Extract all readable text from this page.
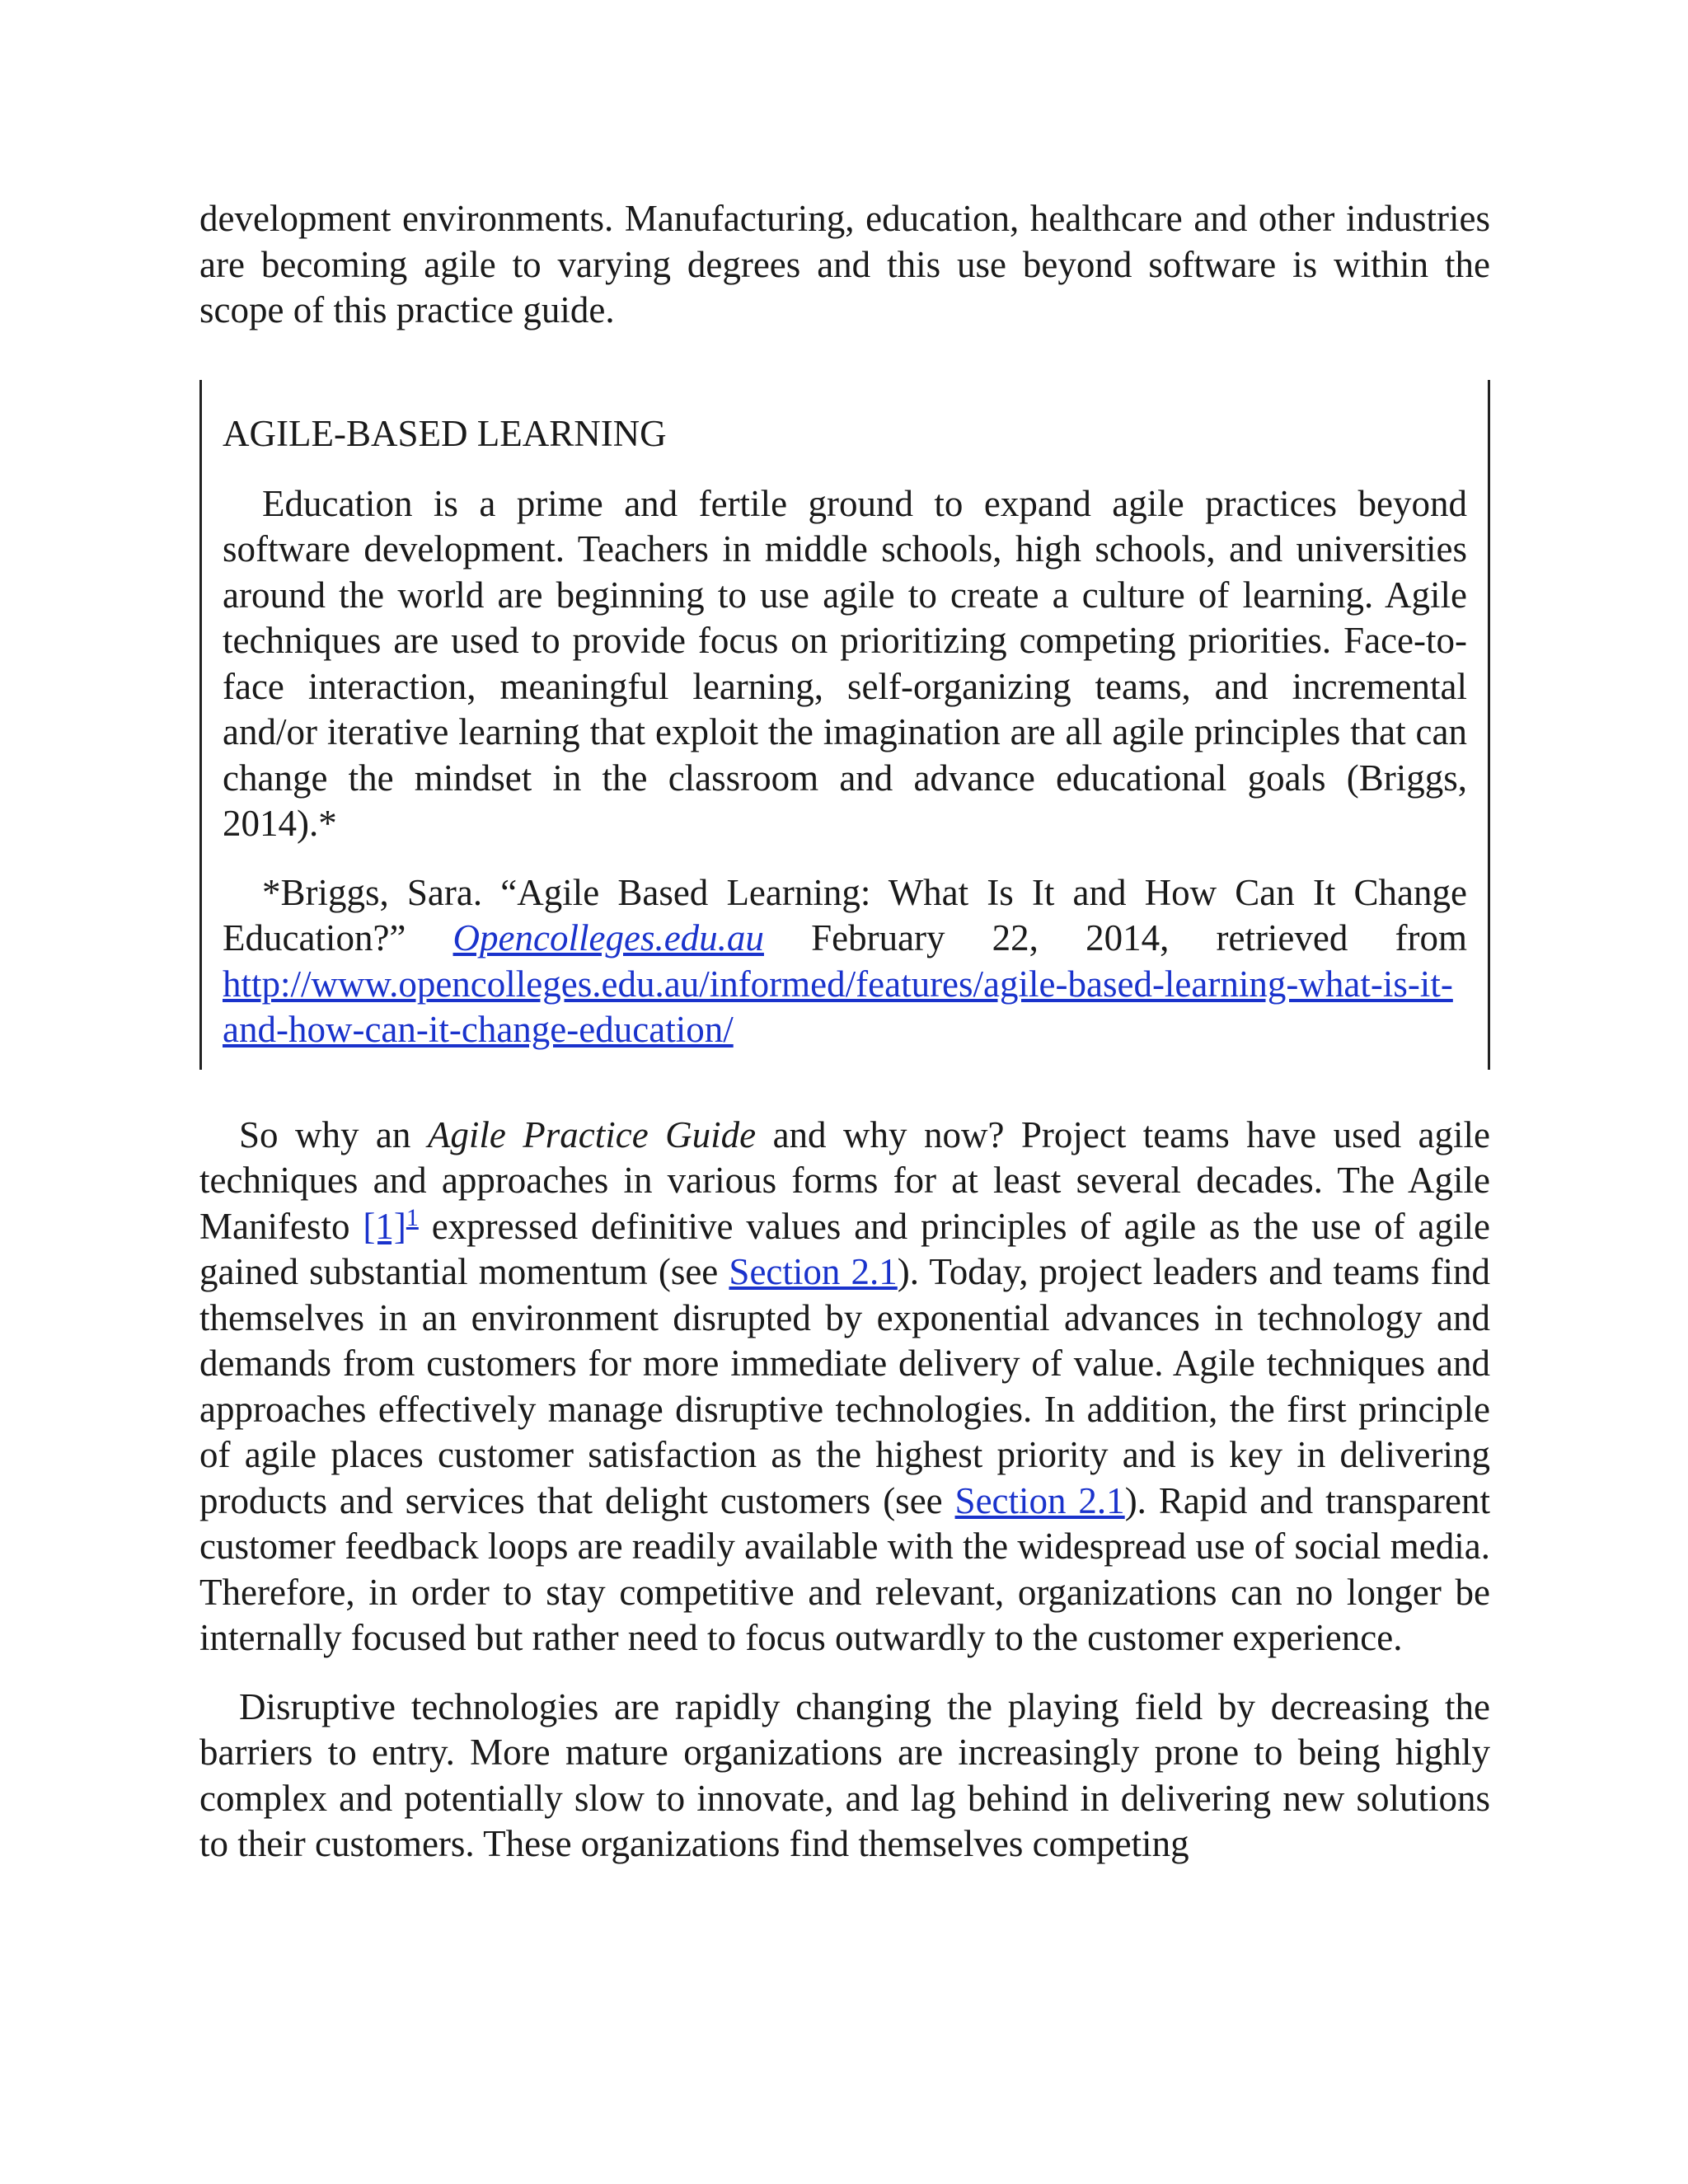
development environments. Manufacturing, education, healthcare and other industries are becoming agile to varying degrees and this use beyond software is within the scope of this practice guide.

AGILE-BASED LEARNING

Education is a prime and fertile ground to expand agile practices beyond software development. Teachers in middle schools, high schools, and universities around the world are beginning to use agile to create a culture of learning. Agile techniques are used to provide focus on prioritizing competing priorities. Face-to-face interaction, meaningful learning, self-organizing teams, and incremental and/or iterative learning that exploit the imagination are all agile principles that can change the mindset in the classroom and advance educational goals (Briggs, 2014).*

*Briggs, Sara. “Agile Based Learning: What Is It and How Can It Change Education?” Opencolleges.edu.au February 22, 2014, retrieved from http://www.opencolleges.edu.au/informed/features/agile-based-learning-what-is-it-and-how-can-it-change-education/

So why an Agile Practice Guide and why now? Project teams have used agile techniques and approaches in various forms for at least several decades. The Agile Manifesto [1]$^1$ expressed definitive values and principles of agile as the use of agile gained substantial momentum (see Section 2.1). Today, project leaders and teams find themselves in an environment disrupted by exponential advances in technology and demands from customers for more immediate delivery of value. Agile techniques and approaches effectively manage disruptive technologies. In addition, the first principle of agile places customer satisfaction as the highest priority and is key in delivering products and services that delight customers (see Section 2.1). Rapid and transparent customer feedback loops are readily available with the widespread use of social media. Therefore, in order to stay competitive and relevant, organizations can no longer be internally focused but rather need to focus outwardly to the customer experience.

Disruptive technologies are rapidly changing the playing field by decreasing the barriers to entry. More mature organizations are increasingly prone to being highly complex and potentially slow to innovate, and lag behind in delivering new solutions to their customers. These organizations find themselves competing
